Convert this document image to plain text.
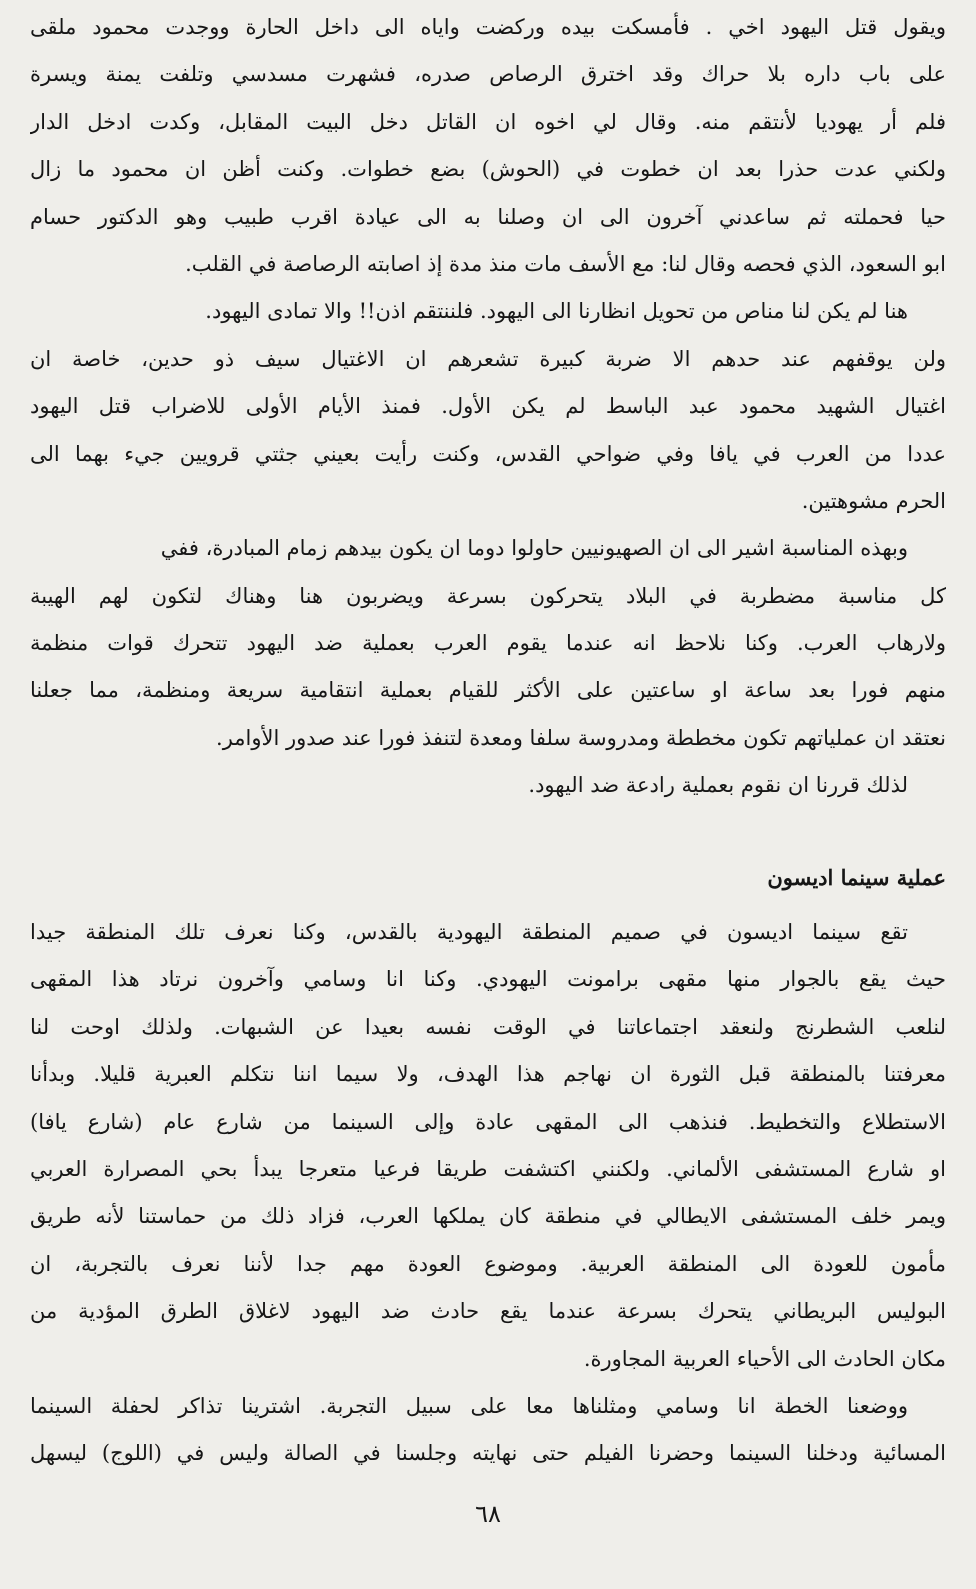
ويقول قتل اليهود اخي . فأمسكت بيده وركضت واياه الى داخل الحارة ووجدت محمود ملقى
على باب داره بلا حراك وقد اخترق الرصاص صدره، فشهرت مسدسي وتلفت يمنة ويسرة
فلم أر يهوديا لأنتقم منه. وقال لي اخوه ان القاتل دخل البيت المقابل، وكدت ادخل الدار
ولكني عدت حذرا بعد ان خطوت في (الحوش) بضع خطوات. وكنت أظن ان محمود ما زال
حيا فحملته ثم ساعدني آخرون الى ان وصلنا به الى عيادة اقرب طبيب وهو الدكتور حسام
ابو السعود، الذي فحصه وقال لنا: مع الأسف مات منذ مدة إذ اصابته الرصاصة في القلب.
هنا لم يكن لنا مناص من تحويل انظارنا الى اليهود. فلننتقم اذن!! والا تمادى اليهود.
ولن يوقفهم عند حدهم الا ضربة كبيرة تشعرهم ان الاغتيال سيف ذو حدين، خاصة ان
اغتيال الشهيد محمود عبد الباسط لم يكن الأول. فمنذ الأيام الأولى للاضراب قتل اليهود
عددا من العرب في يافا وفي ضواحي القدس، وكنت رأيت بعيني جثتي قرويين جيء بهما الى
الحرم مشوهتين.
وبهذه المناسبة اشير الى ان الصهيونيين حاولوا دوما ان يكون بيدهم زمام المبادرة، ففي
كل مناسبة مضطربة في البلاد يتحركون بسرعة ويضربون هنا وهناك لتكون لهم الهيبة
ولارهاب العرب. وكنا نلاحظ انه عندما يقوم العرب بعملية ضد اليهود تتحرك قوات منظمة
منهم فورا بعد ساعة او ساعتين على الأكثر للقيام بعملية انتقامية سريعة ومنظمة، مما جعلنا
نعتقد ان عملياتهم تكون مخططة ومدروسة سلفا ومعدة لتنفذ فورا عند صدور الأوامر.
لذلك قررنا ان نقوم بعملية رادعة ضد اليهود.
عملية سينما اديسون
تقع سينما اديسون في صميم المنطقة اليهودية بالقدس، وكنا نعرف تلك المنطقة جيدا
حيث يقع بالجوار منها مقهى برامونت اليهودي. وكنا انا وسامي وآخرون نرتاد هذا المقهى
لنلعب الشطرنج ولنعقد اجتماعاتنا في الوقت نفسه بعيدا عن الشبهات. ولذلك اوحت لنا
معرفتنا بالمنطقة قبل الثورة ان نهاجم هذا الهدف، ولا سيما اننا نتكلم العبرية قليلا. وبدأنا
الاستطلاع والتخطيط. فنذهب الى المقهى عادة وإلى السينما من شارع عام (شارع يافا)
او شارع المستشفى الألماني. ولكنني اكتشفت طريقا فرعيا متعرجا يبدأ بحي المصرارة العربي
ويمر خلف المستشفى الايطالي في منطقة كان يملكها العرب، فزاد ذلك من حماستنا لأنه طريق
مأمون للعودة الى المنطقة العربية. وموضوع العودة مهم جدا لأننا نعرف بالتجربة، ان
البوليس البريطاني يتحرك بسرعة عندما يقع حادث ضد اليهود لاغلاق الطرق المؤدية من
مكان الحادث الى الأحياء العربية المجاورة.
ووضعنا الخطة انا وسامي ومثلناها معا على سبيل التجربة. اشترينا تذاكر لحفلة السينما
المسائية ودخلنا السينما وحضرنا الفيلم حتى نهايته وجلسنا في الصالة وليس في (اللوج) ليسهل
٦٨
